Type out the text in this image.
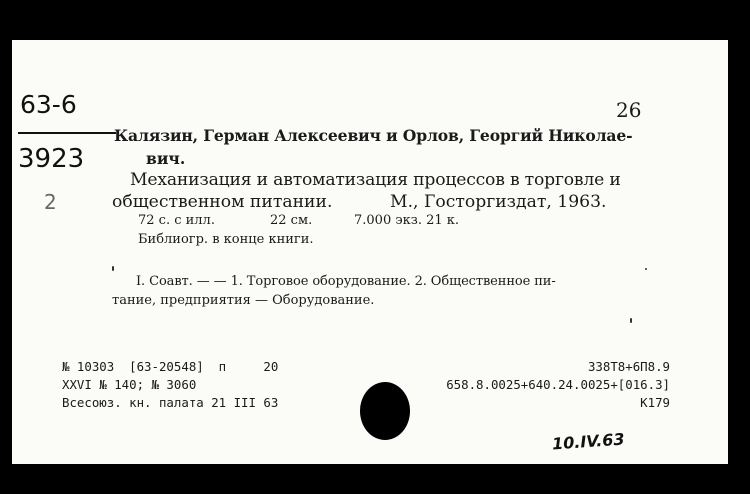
63-6
3923
2
26
Калязин, Герман Алексеевич и Орлов, Георгий Николае-
вич.
Механизация и автоматизация процессов в торговле и
общественном питании.	М., Госторгиздат, 1963.
72 с. с илл.	22 см.	7.000 экз. 21 к.
Библиогр. в конце книги.
I. Соавт. — — 1. Торговое оборудование. 2. Общественное пи-
тание, предприятия — Оборудование.
№ 10303  [63-20548]  п     20
XXVI № 140; № 3060
Всесоюз. кн. палата 21 III 63
338Т8+6П8.9
658.8.0025+640.24.0025+[016.3]
К179
10.IV.63
